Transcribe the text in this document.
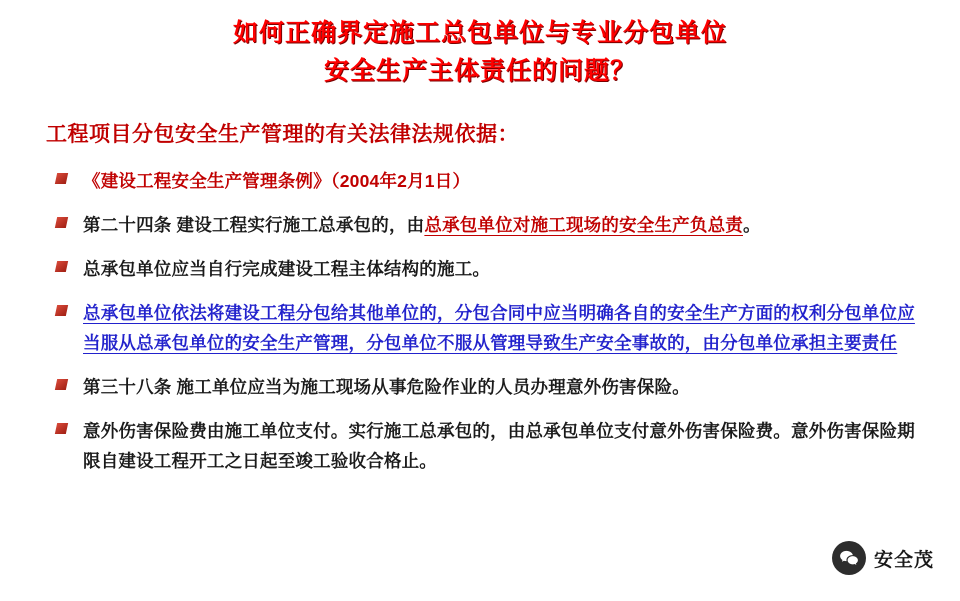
如何正确界定施工总包单位与专业分包单位
安全生产主体责任的问题？
工程项目分包安全生产管理的有关法律法规依据：
《建设工程安全生产管理条例》（2004年2月1日）
第二十四条 建设工程实行施工总承包的，由总承包单位对施工现场的安全生产负总责。
总承包单位应当自行完成建设工程主体结构的施工。
总承包单位依法将建设工程分包给其他单位的，分包合同中应当明确各自的安全生产方面的权利分包单位应当服从总承包单位的安全生产管理，分包单位不服从管理导致生产安全事故的，由分包单位承担主要责任
第三十八条 施工单位应当为施工现场从事危险作业的人员办理意外伤害保险。
意外伤害保险费由施工单位支付。实行施工总承包的，由总承包单位支付意外伤害保险费。意外伤害保险期限自建设工程开工之日起至竣工验收合格止。
安全茂
